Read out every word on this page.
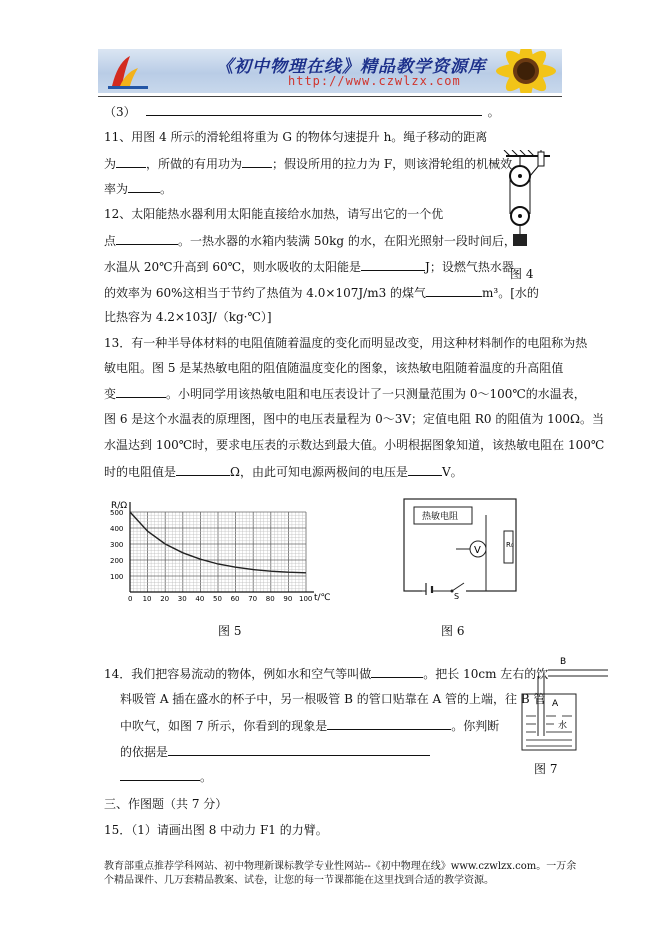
《初中物理在线》精品教学资源库
http://www.czwlzx.com
（3）	。
11、用图 4 所示的滑轮组将重为 G 的物体匀速提升 h。绳子移动的距离
为	，所做的有用功为	；假设所用的拉力为 F，则该滑轮组的机械效
率为	。
12、太阳能热水器利用太阳能直接给水加热，请写出它的一个优
点	。一热水器的水箱内装满 50kg 的水，在阳光照射一段时间后，
水温从 20℃升高到 60℃，则水吸收的太阳能是	J；设燃气热水器
图 4
的效率为 60%这相当于节约了热值为 4.0×107J/m3 的煤气	m³。[水的
比热容为 4.2×103J/（kg·℃）]
13．有一种半导体材料的电阻值随着温度的变化而明显改变，用这种材料制作的电阻称为热
敏电阻。图 5 是某热敏电阻的阻值随温度变化的图象，该热敏电阻随着温度的升高阻值
变	。小明同学用该热敏电阻和电压表设计了一只测量范围为 0～100℃的水温表，
图 6 是这个水温表的原理图，图中的电压表量程为 0～3V；定值电阻 R0 的阻值为 100Ω。当
水温达到 100℃时，要求电压表的示数达到最大值。小明根据图象知道，该热敏电阻在 100℃
时的电阻值是	Ω，由此可知电源两极间的电压是	V。
0 10 20 30 40 50 60 70 80 90 100
100
200
300
400
500
R/Ω
t/℃
图 5
热敏电阻
V	R₀
S
图 6
14．我们把容易流动的物体，例如水和空气等叫做	。把长 10cm 左右的饮
料吸管 A 插在盛水的杯子中，另一根吸管 B 的管口贴靠在 A 管的上端，往 B 管
中吹气，如图 7 所示，你看到的现象是	。你判断
的依据是
。
B
A
水
图 7
三、作图题（共 7 分）
15．（1）请画出图 8 中动力 F1 的力臂。
教育部重点推荐学科网站、初中物理新课标教学专业性网站--《初中物理在线》www.czwlzx.com。一万余
个精品课件、几万套精品教案、试卷，让您的每一节课都能在这里找到合适的教学资源。
